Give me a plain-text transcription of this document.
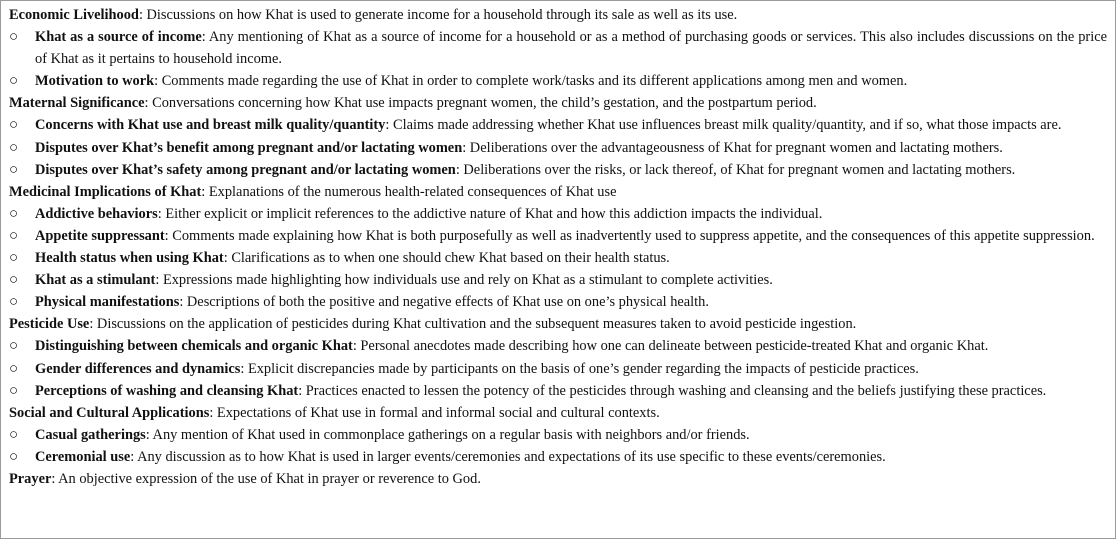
Economic Livelihood: Discussions on how Khat is used to generate income for a household through its sale as well as its use.
○	Khat as a source of income: Any mentioning of Khat as a source of income for a household or as a method of purchasing goods or services. This also includes discussions on the price of Khat as it pertains to household income.
○	Motivation to work: Comments made regarding the use of Khat in order to complete work/tasks and its different applications among men and women.
Maternal Significance: Conversations concerning how Khat use impacts pregnant women, the child’s gestation, and the postpartum period.
○	Concerns with Khat use and breast milk quality/quantity: Claims made addressing whether Khat use influences breast milk quality/quantity, and if so, what those impacts are.
○	Disputes over Khat’s benefit among pregnant and/or lactating women: Deliberations over the advantageousness of Khat for pregnant women and lactating mothers.
○	Disputes over Khat’s safety among pregnant and/or lactating women: Deliberations over the risks, or lack thereof, of Khat for pregnant women and lactating mothers.
Medicinal Implications of Khat: Explanations of the numerous health-related consequences of Khat use
○	Addictive behaviors: Either explicit or implicit references to the addictive nature of Khat and how this addiction impacts the individual.
○	Appetite suppressant: Comments made explaining how Khat is both purposefully as well as inadvertently used to suppress appetite, and the consequences of this appetite suppression.
○	Health status when using Khat: Clarifications as to when one should chew Khat based on their health status.
○	Khat as a stimulant: Expressions made highlighting how individuals use and rely on Khat as a stimulant to complete activities.
○	Physical manifestations: Descriptions of both the positive and negative effects of Khat use on one’s physical health.
Pesticide Use: Discussions on the application of pesticides during Khat cultivation and the subsequent measures taken to avoid pesticide ingestion.
○	Distinguishing between chemicals and organic Khat: Personal anecdotes made describing how one can delineate between pesticide-treated Khat and organic Khat.
○	Gender differences and dynamics: Explicit discrepancies made by participants on the basis of one’s gender regarding the impacts of pesticide practices.
○	Perceptions of washing and cleansing Khat: Practices enacted to lessen the potency of the pesticides through washing and cleansing and the beliefs justifying these practices.
Social and Cultural Applications: Expectations of Khat use in formal and informal social and cultural contexts.
○	Casual gatherings: Any mention of Khat used in commonplace gatherings on a regular basis with neighbors and/or friends.
○	Ceremonial use: Any discussion as to how Khat is used in larger events/ceremonies and expectations of its use specific to these events/ceremonies.
Prayer: An objective expression of the use of Khat in prayer or reverence to God.
